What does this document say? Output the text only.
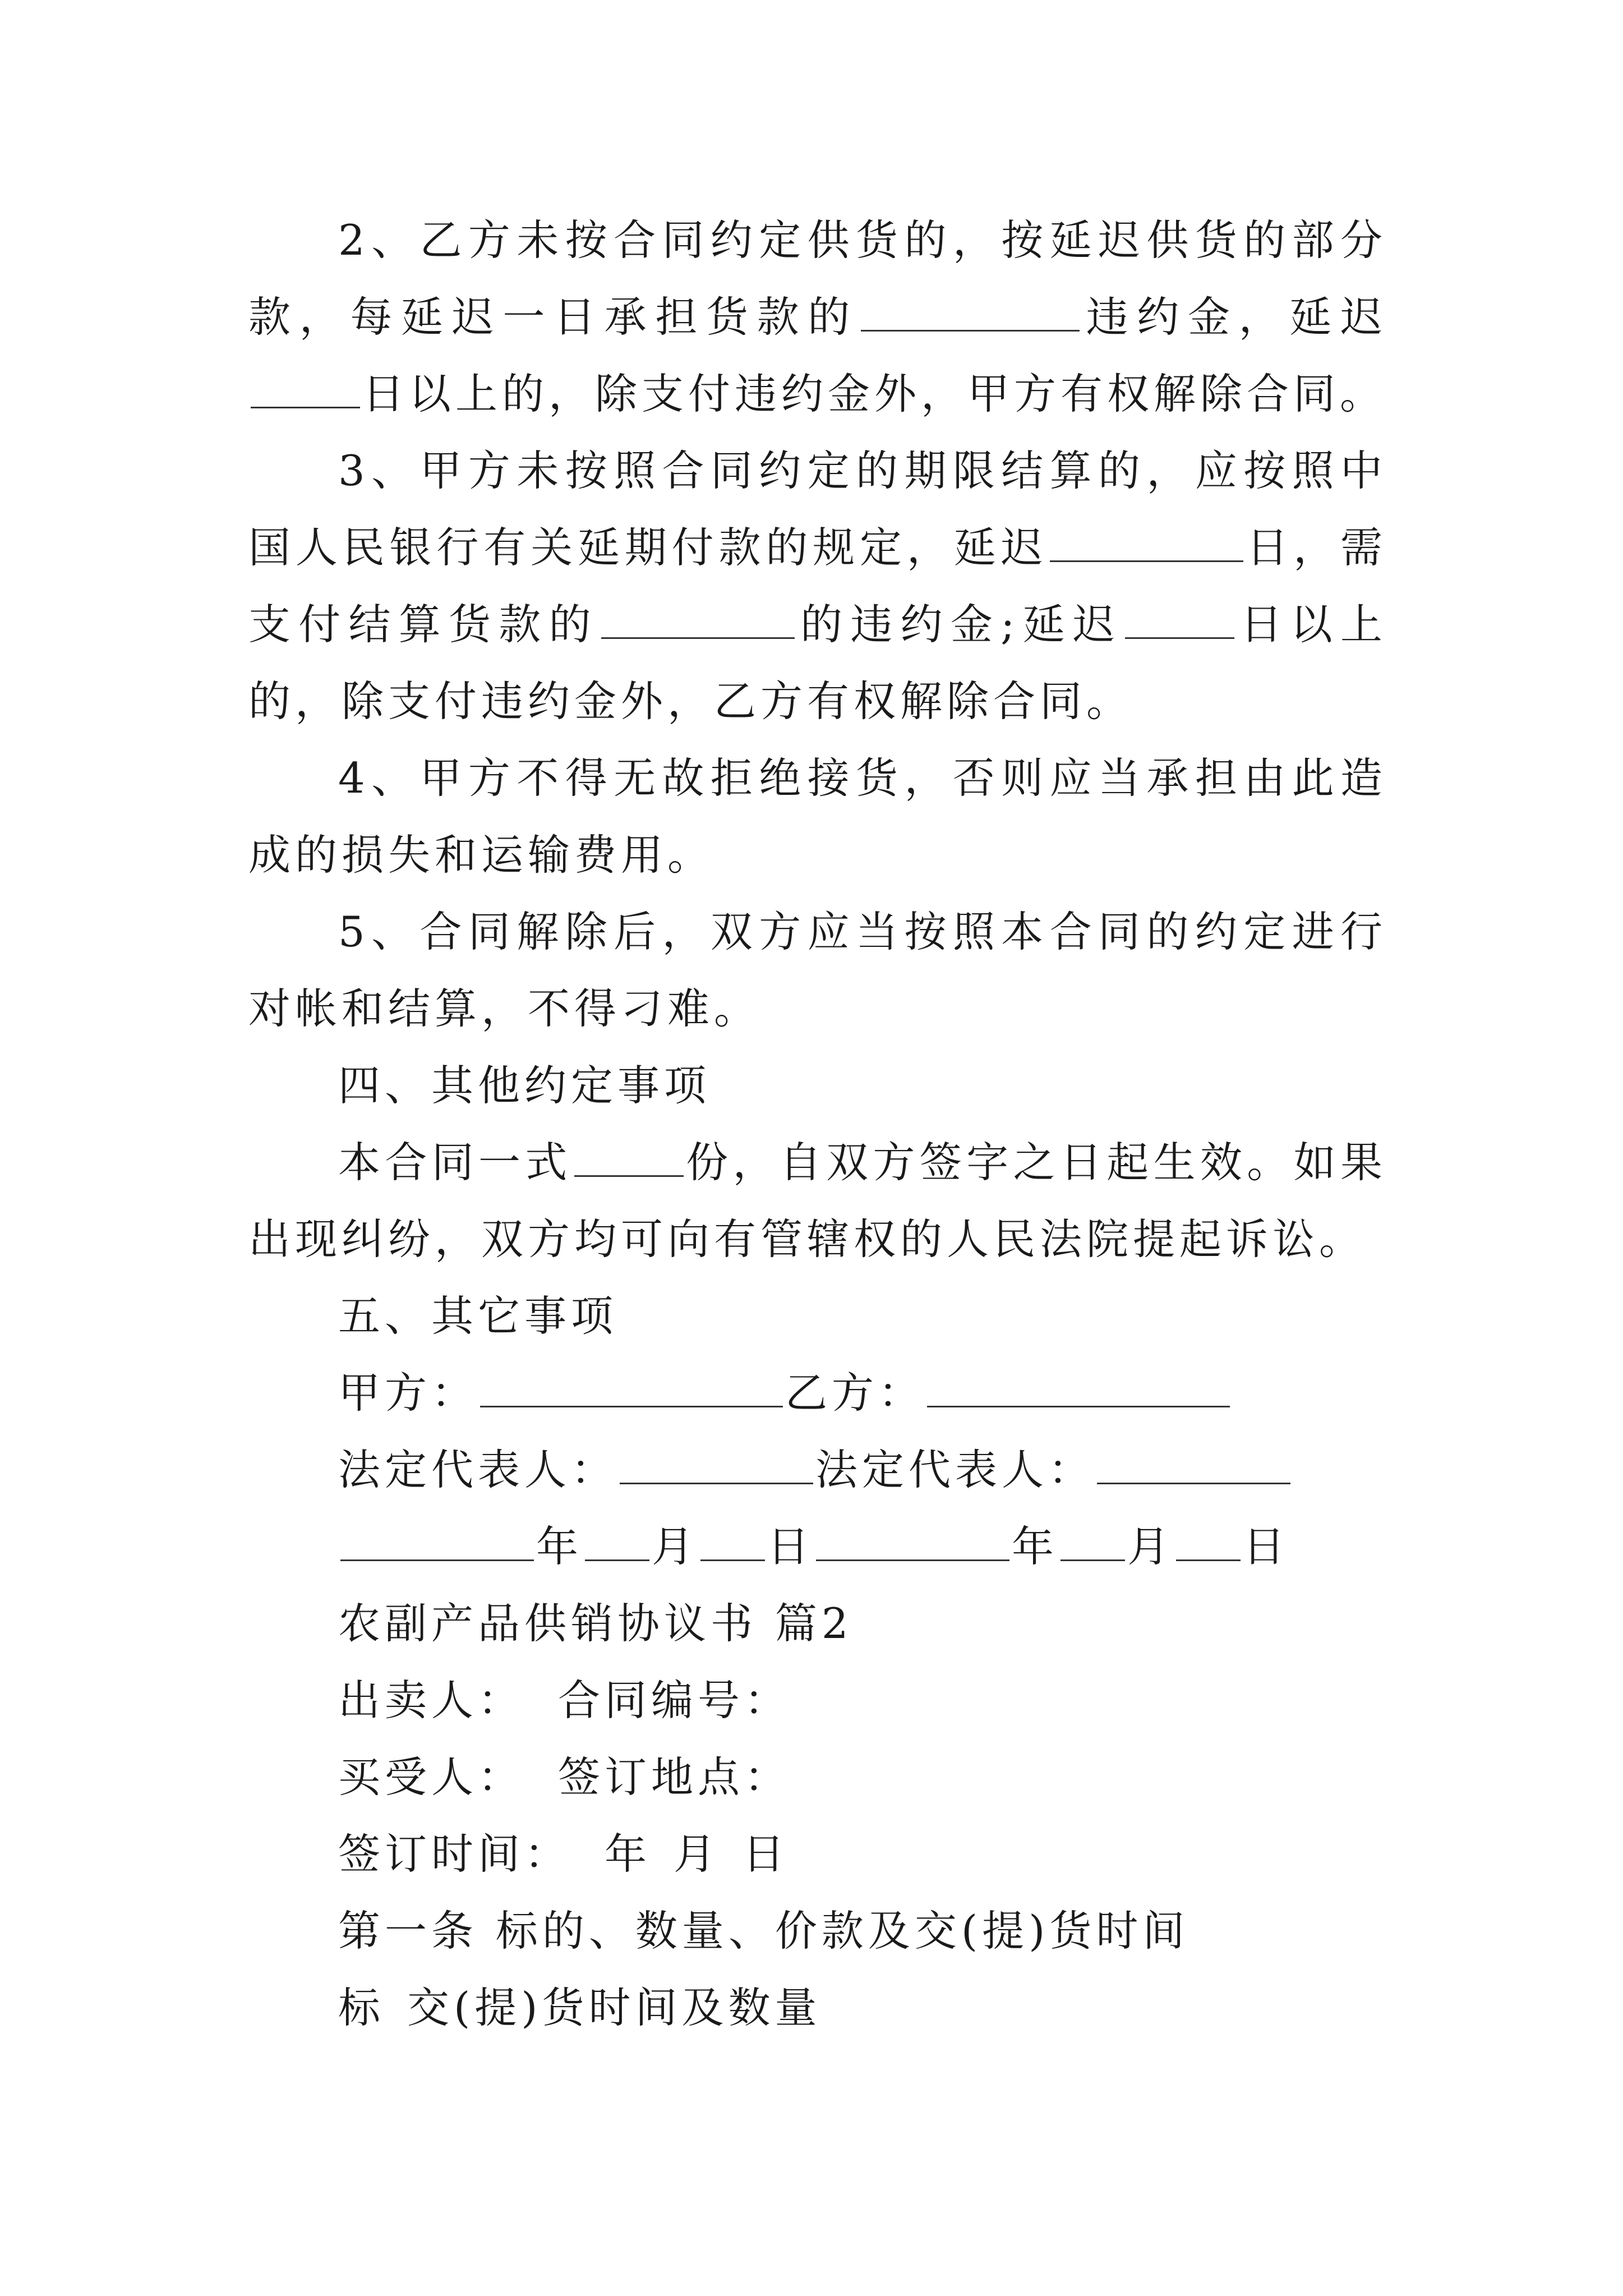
2、乙方未按合同约定供货的，按延迟供货的部分款，每延迟一日承担货款的	违约金，延迟日以上的，除支付违约金外，甲方有权解除合同。

3、甲方未按照合同约定的期限结算的，应按照中国人民银行有关延期付款的规定，延迟	日，需支付结算货款的	的违约金;延迟	日以上的，除支付违约金外，乙方有权解除合同。

4、甲方不得无故拒绝接货，否则应当承担由此造成的损失和运输费用。

5、合同解除后，双方应当按照本合同的约定进行对帐和结算，不得刁难。

四、其他约定事项

本合同一式	份，自双方签字之日起生效。如果出现纠纷，双方均可向有管辖权的人民法院提起诉讼。

五、其它事项

甲方：	乙方：
法定代表人：	法定代表人：
年 月 日	年 月 日
农副产品供销协议书 篇2
出卖人： 合同编号：
买受人： 签订地点：
签订时间： 年 月 日
第一条 标的、数量、价款及交(提)货时间
标 交(提)货时间及数量
